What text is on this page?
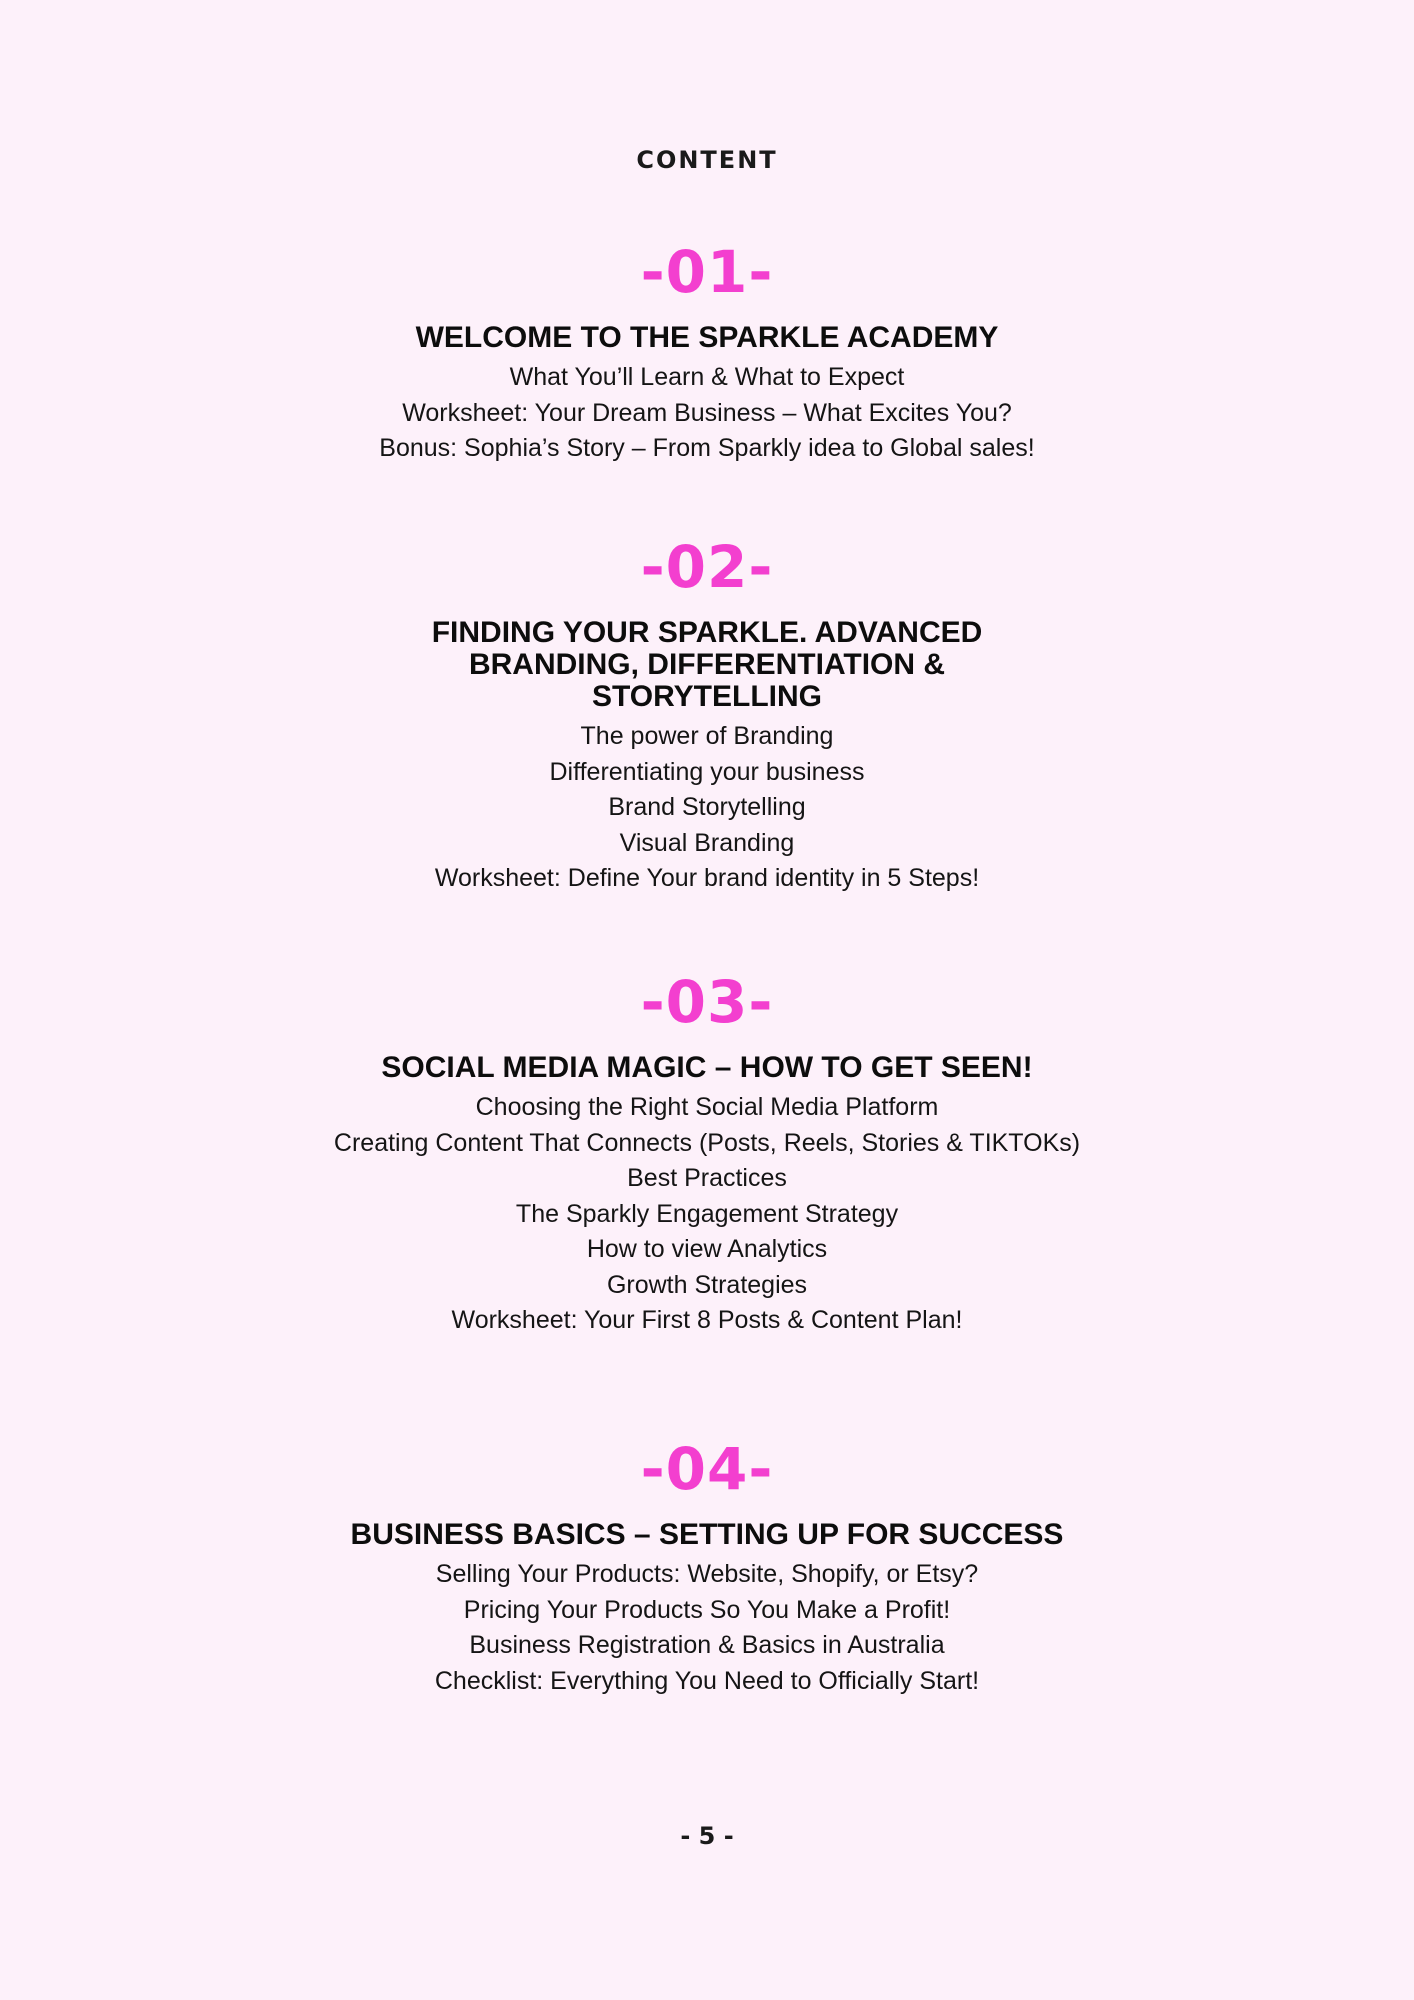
CONTENT
-01-
WELCOME TO THE SPARKLE ACADEMY
What You’ll Learn & What to Expect
Worksheet: Your Dream Business – What Excites You?
Bonus: Sophia’s Story – From Sparkly idea to Global sales!
-02-
FINDING YOUR SPARKLE. ADVANCED BRANDING, DIFFERENTIATION & STORYTELLING
The power of Branding
Differentiating your business
Brand Storytelling
Visual Branding
Worksheet: Define Your brand identity in 5 Steps!
-03-
SOCIAL MEDIA MAGIC – HOW TO GET SEEN!
Choosing the Right Social Media Platform
Creating Content That Connects (Posts, Reels, Stories & TIKTOKs)
Best Practices
The Sparkly Engagement Strategy
How to view Analytics
Growth Strategies
Worksheet: Your First 8 Posts & Content Plan!
-04-
BUSINESS BASICS – SETTING UP FOR SUCCESS
Selling Your Products: Website, Shopify, or Etsy?
Pricing Your Products So You Make a Profit!
Business Registration & Basics in Australia
Checklist: Everything You Need to Officially Start!
- 5 -
